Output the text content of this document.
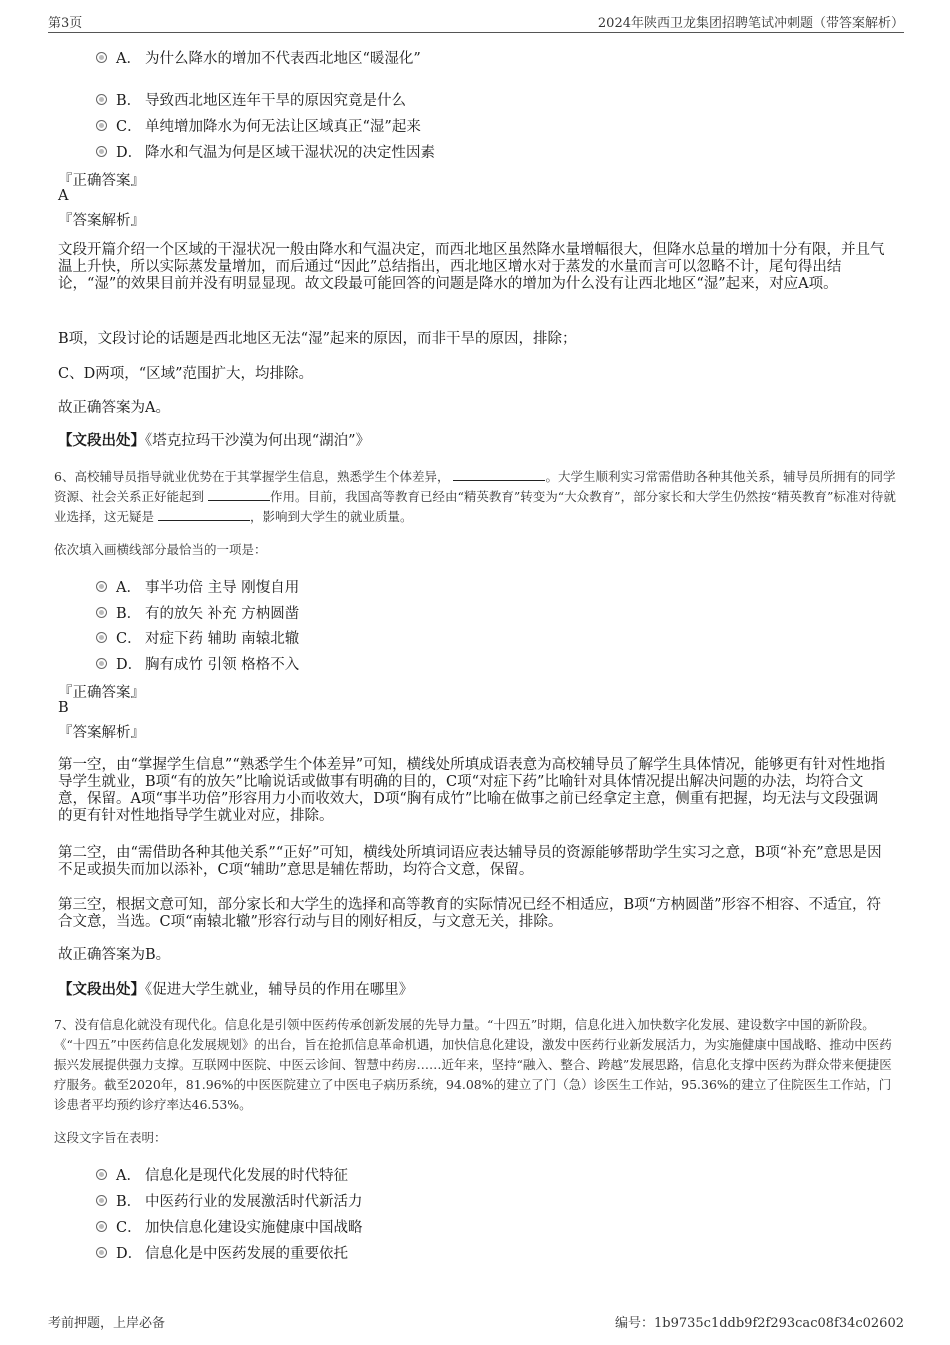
第3页	2024年陕西卫龙集团招聘笔试冲刺题（带答案解析）
A． 为什么降水的增加不代表西北地区“暖湿化”
B． 导致西北地区连年干旱的原因究竟是什么
C． 单纯增加降水为何无法让区域真正“湿”起来
D． 降水和气温为何是区域干湿状况的决定性因素
『正确答案』
A
『答案解析』
文段开篇介绍一个区域的干湿状况一般由降水和气温决定，而西北地区虽然降水量增幅很大，但降水总量的增加十分有限，并且气温上升快，所以实际蒸发量增加，而后通过“因此”总结指出，西北地区增水对于蒸发的水量而言可以忽略不计，尾句得出结论，“湿”的效果目前并没有明显显现。故文段最可能回答的问题是降水的增加为什么没有让西北地区“湿”起来，对应A项。
B项，文段讨论的话题是西北地区无法“湿”起来的原因，而非干旱的原因，排除；
C、D两项，“区域”范围扩大，均排除。
故正确答案为A。
【文段出处】《塔克拉玛干沙漠为何出现“湖泊”》
6、高校辅导员指导就业优势在于其掌握学生信息，熟悉学生个体差异，	。大学生顺利实习常需借助各种其他关系，辅导员所拥有的同学资源、社会关系正好能起到	作用。目前，我国高等教育已经由“精英教育”转变为“大众教育”，部分家长和大学生仍然按“精英教育”标准对待就业选择，这无疑是	，影响到大学生的就业质量。
依次填入画横线部分最恰当的一项是：
A． 事半功倍 主导 刚愎自用
B． 有的放矢 补充 方枘圆凿
C． 对症下药 辅助 南辕北辙
D． 胸有成竹 引领 格格不入
『正确答案』
B
『答案解析』
第一空，由“掌握学生信息”“熟悉学生个体差异”可知，横线处所填成语表意为高校辅导员了解学生具体情况，能够更有针对性地指导学生就业，B项“有的放矢”比喻说话或做事有明确的目的，C项“对症下药”比喻针对具体情况提出解决问题的办法，均符合文意，保留。A项“事半功倍”形容用力小而收效大，D项“胸有成竹”比喻在做事之前已经拿定主意，侧重有把握，均无法与文段强调的更有针对性地指导学生就业对应，排除。
第二空，由“需借助各种其他关系”“正好”可知，横线处所填词语应表达辅导员的资源能够帮助学生实习之意，B项“补充”意思是因不足或损失而加以添补，C项“辅助”意思是辅佐帮助，均符合文意，保留。
第三空，根据文意可知，部分家长和大学生的选择和高等教育的实际情况已经不相适应，B项“方枘圆凿”形容不相容、不适宜，符合文意，当选。C项“南辕北辙”形容行动与目的刚好相反，与文意无关，排除。
故正确答案为B。
【文段出处】《促进大学生就业，辅导员的作用在哪里》
7、没有信息化就没有现代化。信息化是引领中医药传承创新发展的先导力量。“十四五”时期，信息化进入加快数字化发展、建设数字中国的新阶段。《“十四五”中医药信息化发展规划》的出台，旨在抢抓信息革命机遇，加快信息化建设，激发中医药行业新发展活力，为实施健康中国战略、推动中医药振兴发展提供强力支撑。互联网中医院、中医云诊间、智慧中药房……近年来，坚持“融入、整合、跨越”发展思路，信息化支撑中医药为群众带来便捷医疗服务。截至2020年，81.96%的中医医院建立了中医电子病历系统，94.08%的建立了门（急）诊医生工作站，95.36%的建立了住院医生工作站，门诊患者平均预约诊疗率达46.53%。
这段文字旨在表明：
A． 信息化是现代化发展的时代特征
B． 中医药行业的发展激活时代新活力
C． 加快信息化建设实施健康中国战略
D． 信息化是中医药发展的重要依托
考前押题，上岸必备	编号：1b9735c1ddb9f2f293cac08f34c02602
